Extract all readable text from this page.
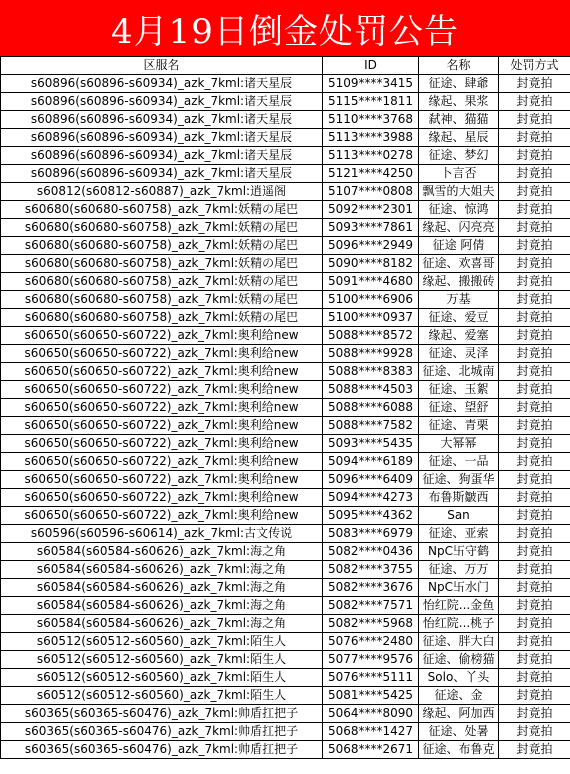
4月19日倒金处罚公告
区服名	ID	名称	处罚方式
s60896(s60896-s60934)_azk_7kml:诸天星辰	5109****3415	征途、肆爺	封竟拍
s60896(s60896-s60934)_azk_7kml:诸天星辰	5115****1811	缘起、果浆	封竟拍
s60896(s60896-s60934)_azk_7kml:诸天星辰	5110****3768	弑神、猫猫	封竟拍
s60896(s60896-s60934)_azk_7kml:诸天星辰	5113****3988	缘起、星辰	封竟拍
s60896(s60896-s60934)_azk_7kml:诸天星辰	5113****0278	征途、梦幻	封竟拍
s60896(s60896-s60934)_azk_7kml:诸天星辰	5121****4250	卜言否	封竟拍
s60812(s60812-s60887)_azk_7kml:逍遥阁	5107****0808	飘雪的大姐夫	封竟拍
s60680(s60680-s60758)_azk_7kml:妖精の尾巴	5092****2301	征途、惊鸿	封竟拍
s60680(s60680-s60758)_azk_7kml:妖精の尾巴	5093****7861	缘起、闪亮亮	封竟拍
s60680(s60680-s60758)_azk_7kml:妖精の尾巴	5096****2949	征途 阿倩	封竟拍
s60680(s60680-s60758)_azk_7kml:妖精の尾巴	5090****8182	征途、欢喜哥	封竟拍
s60680(s60680-s60758)_azk_7kml:妖精の尾巴	5091****4680	缘起、搬搬砖	封竟拍
s60680(s60680-s60758)_azk_7kml:妖精の尾巴	5100****6906	万基	封竟拍
s60680(s60680-s60758)_azk_7kml:妖精の尾巴	5100****0937	征途、爱豆	封竟拍
s60650(s60650-s60722)_azk_7kml:奥利给new	5088****8572	缘起、爱塞	封竟拍
s60650(s60650-s60722)_azk_7kml:奥利给new	5088****9928	征途、灵泽	封竟拍
s60650(s60650-s60722)_azk_7kml:奥利给new	5088****8383	征途、北城南	封竟拍
s60650(s60650-s60722)_azk_7kml:奥利给new	5088****4503	征途、玉絮	封竟拍
s60650(s60650-s60722)_azk_7kml:奥利给new	5088****6088	征途、望舒	封竟拍
s60650(s60650-s60722)_azk_7kml:奥利给new	5088****7582	征途、青栗	封竟拍
s60650(s60650-s60722)_azk_7kml:奥利给new	5093****5435	大幂幂	封竟拍
s60650(s60650-s60722)_azk_7kml:奥利给new	5094****6189	征途、一品	封竟拍
s60650(s60650-s60722)_azk_7kml:奥利给new	5096****6409	征途、狗蛋华	封竟拍
s60650(s60650-s60722)_azk_7kml:奥利给new	5094****4273	布鲁斯皺西	封竟拍
s60650(s60650-s60722)_azk_7kml:奥利给new	5095****4362	San	封竟拍
s60596(s60596-s60614)_azk_7kml:古文传说	5083****6979	征途、亚索	封竟拍
s60584(s60584-s60626)_azk_7kml:海之角	5082****0436	NpC卐守鹤	封竟拍
s60584(s60584-s60626)_azk_7kml:海之角	5082****3755	征途、万万	封竟拍
s60584(s60584-s60626)_azk_7kml:海之角	5082****3676	NpC卐水门	封竟拍
s60584(s60584-s60626)_azk_7kml:海之角	5082****7571	怡红院...金鱼	封竟拍
s60584(s60584-s60626)_azk_7kml:海之角	5082****5968	怡红院...桃子	封竟拍
s60512(s60512-s60560)_azk_7kml:陌生人	5076****2480	征途、胖大白	封竟拍
s60512(s60512-s60560)_azk_7kml:陌生人	5077****9576	征途、偷榜猫	封竟拍
s60512(s60512-s60560)_azk_7kml:陌生人	5076****5111	Solo、丫头	封竟拍
s60512(s60512-s60560)_azk_7kml:陌生人	5081****5425	征途、金	封竟拍
s60365(s60365-s60476)_azk_7kml:帅盾扛把子	5064****8090	缘起、阿加西	封竟拍
s60365(s60365-s60476)_azk_7kml:帅盾扛把子	5068****1427	征途、处暑	封竟拍
s60365(s60365-s60476)_azk_7kml:帅盾扛把子	5068****2671	征途、布鲁克	封竟拍
